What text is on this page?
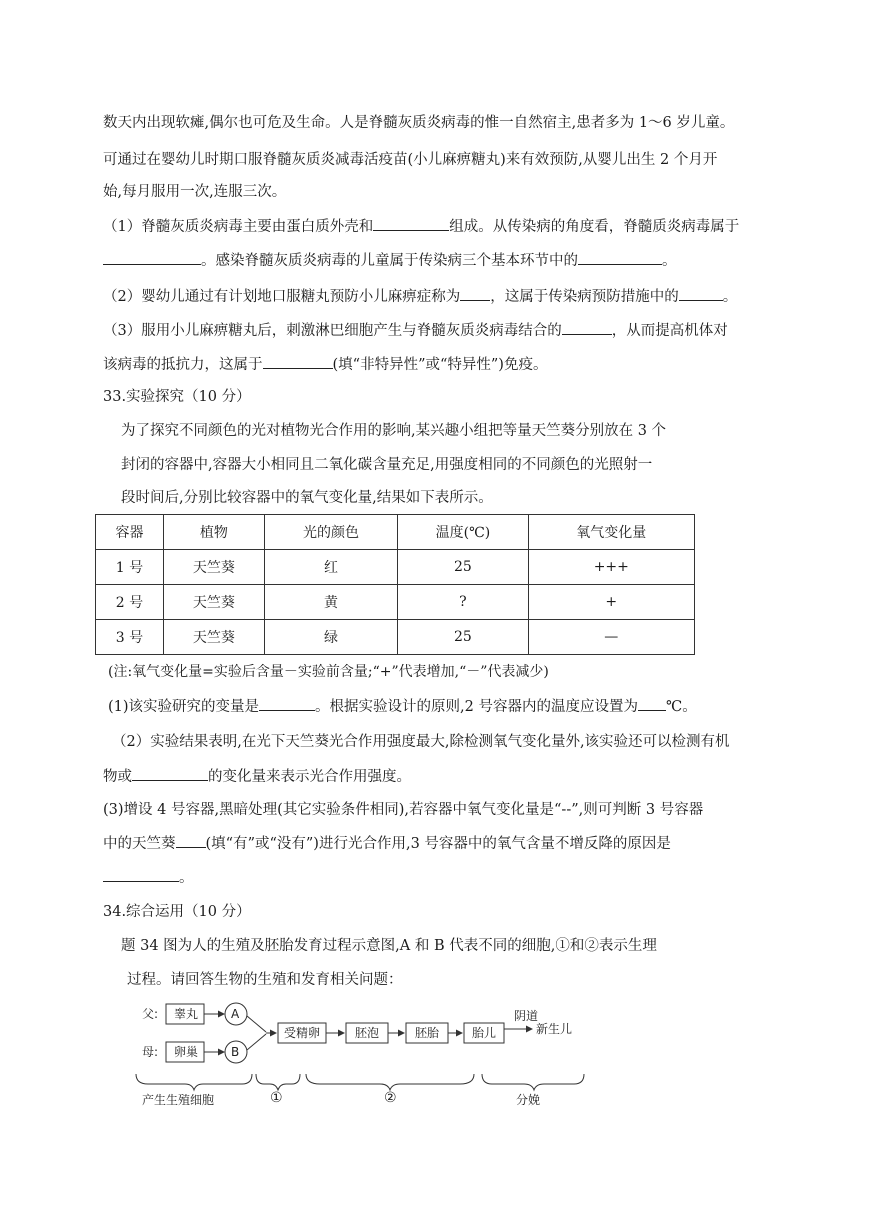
数天内出现软瘫,偶尔也可危及生命。人是脊髓灰质炎病毒的惟一自然宿主,患者多为 1～6 岁儿童。
可通过在婴幼儿时期口服脊髓灰质炎减毒活疫苗(小儿麻痹糖丸)来有效预防,从婴儿出生 2 个月开
始,每月服用一次,连服三次。
（1）脊髓灰质炎病毒主要由蛋白质外壳和	组成。从传染病的角度看，脊髓质炎病毒属于
。感染脊髓灰质炎病毒的儿童属于传染病三个基本环节中的	。
（2）婴幼儿通过有计划地口服糖丸预防小儿麻痹症称为 ，这属于传染病预防措施中的	。
（3）服用小儿麻痹糖丸后，刺激淋巴细胞产生与脊髓灰质炎病毒结合的	，从而提高机体对
该病毒的抵抗力，这属于	(填“非特异性”或“特异性”)免疫。
33.实验探究（10 分）
为了探究不同颜色的光对植物光合作用的影响,某兴趣小组把等量天竺葵分别放在 3 个
封闭的容器中,容器大小相同且二氧化碳含量充足,用强度相同的不同颜色的光照射一
段时间后,分别比较容器中的氧气变化量,结果如下表所示。
容器	植物	光的颜色	温度(℃)	氧气变化量
1 号	天竺葵	红	25	+++
2 号	天竺葵	黄	?	+
3 号	天竺葵	绿	25	—
(注:氧气变化量=实验后含量－实验前含量;“+”代表增加,“－”代表减少)
(1)该实验研究的变量是	。根据实验设计的原则,2 号容器内的温度应设置为 ℃。
（2）实验结果表明,在光下天竺葵光合作用强度最大,除检测氧气变化量外,该实验还可以检测有机
物或	的变化量来表示光合作用强度。
(3)增设 4 号容器,黑暗处理(其它实验条件相同),若容器中氧气变化量是“--”,则可判断 3 号容器
中的天竺葵 (填“有”或“没有”)进行光合作用,3 号容器中的氧气含量不增反降的原因是
。
34.综合运用（10 分）
题 34 图为人的生殖及胚胎发育过程示意图,A 和 B 代表不同的细胞,①和②表示生理
过程。请回答生物的生殖和发育相关问题：
父: 睾丸	A
母: 卵巢	B
受精卵	胚泡	胚胎	胎儿
阴道
新生儿
产生生殖细胞	①	②	分娩
